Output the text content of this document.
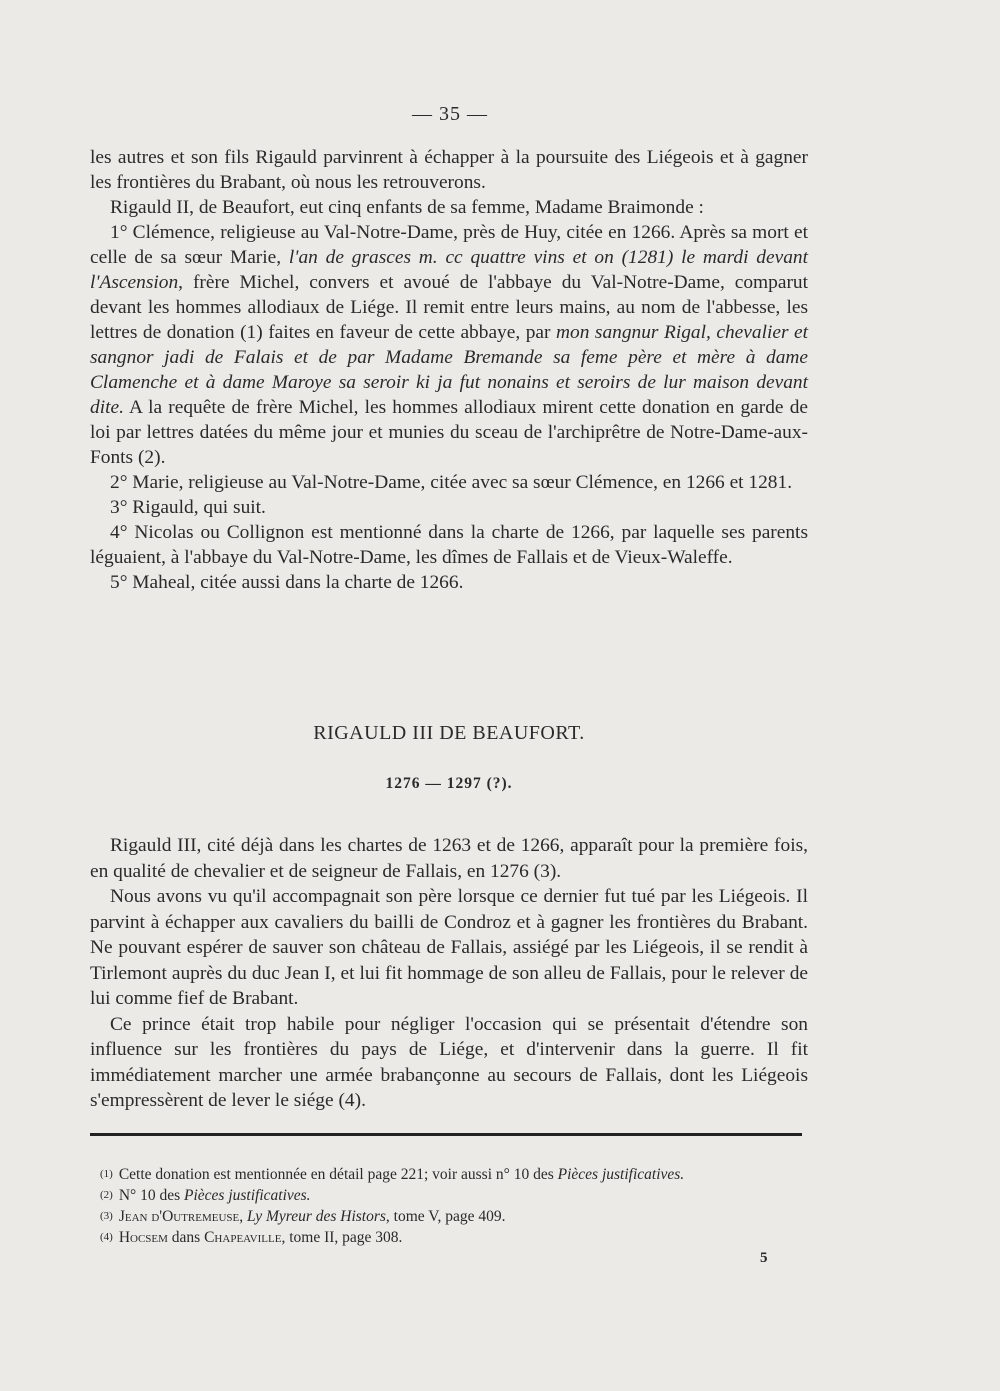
— 35 —

les autres et son fils Rigauld parvinrent à échapper à la poursuite des Liégeois et à gagner les frontières du Brabant, où nous les retrouverons.

Rigauld II, de Beaufort, eut cinq enfants de sa femme, Madame Braimonde :

1° Clémence, religieuse au Val-Notre-Dame, près de Huy, citée en 1266. Après sa mort et celle de sa sœur Marie, l'an de grasces m. cc quattre vins et on (1281) le mardi devant l'Ascension, frère Michel, convers et avoué de l'abbaye du Val-Notre-Dame, comparut devant les hommes allodiaux de Liége. Il remit entre leurs mains, au nom de l'abbesse, les lettres de donation (1) faites en faveur de cette abbaye, par mon sangnur Rigal, chevalier et sangnor jadi de Falais et de par Madame Bremande sa feme père et mère à dame Clamenche et à dame Maroye sa seroir ki ja fut nonains et seroirs de lur maison devant dite. A la requête de frère Michel, les hommes allodiaux mirent cette donation en garde de loi par lettres datées du même jour et munies du sceau de l'archiprêtre de Notre-Dame-aux-Fonts (2).

2° Marie, religieuse au Val-Notre-Dame, citée avec sa sœur Clémence, en 1266 et 1281.

3° Rigauld, qui suit.

4° Nicolas ou Collignon est mentionné dans la charte de 1266, par laquelle ses parents léguaient, à l'abbaye du Val-Notre-Dame, les dîmes de Fallais et de Vieux-Waleffe.

5° Maheal, citée aussi dans la charte de 1266.

RIGAULD III DE BEAUFORT.
1276 — 1297 (?).

Rigauld III, cité déjà dans les chartes de 1263 et de 1266, apparaît pour la première fois, en qualité de chevalier et de seigneur de Fallais, en 1276 (3).

Nous avons vu qu'il accompagnait son père lorsque ce dernier fut tué par les Liégeois. Il parvint à échapper aux cavaliers du bailli de Condroz et à gagner les frontières du Brabant. Ne pouvant espérer de sauver son château de Fallais, assiégé par les Liégeois, il se rendit à Tirlemont auprès du duc Jean I, et lui fit hommage de son alleu de Fallais, pour le relever de lui comme fief de Brabant.

Ce prince était trop habile pour négliger l'occasion qui se présentait d'étendre son influence sur les frontières du pays de Liége, et d'intervenir dans la guerre. Il fit immédiatement marcher une armée brabançonne au secours de Fallais, dont les Liégeois s'empressèrent de lever le siége (4).

(1) Cette donation est mentionnée en détail page 221; voir aussi n° 10 des Pièces justificatives.
(2) N° 10 des Pièces justificatives.
(3) Jean d'Outremeuse, Ly Myreur des Histors, tome V, page 409.
(4) Hocsem dans Chapeaville, tome II, page 308.
5
